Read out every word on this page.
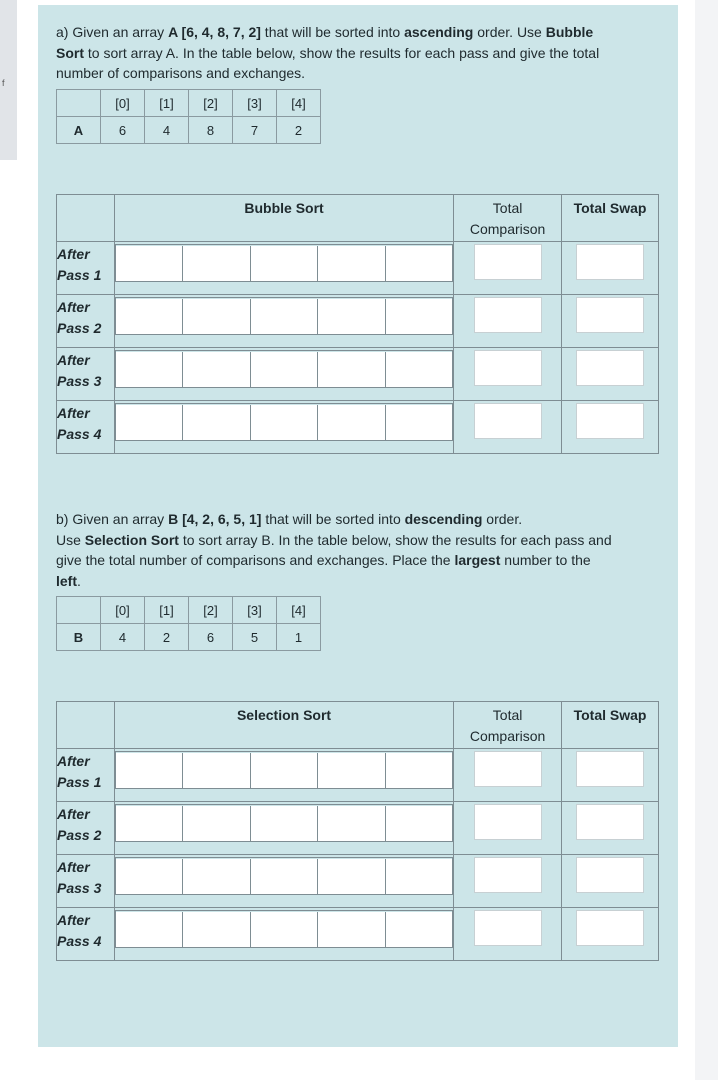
f
a) Given an array A [6, 4, 8, 7, 2] that will be sorted into ascending order. Use Bubble
Sort to sort array A. In the table below, show the results for each pass and give the total
number of comparisons and exchanges.
	[0]	[1]	[2]	[3]	[4]
A	6	4	8	7	2
	Bubble Sort	Total Comparison	Total Swap

After
Pass 1			

After
Pass 2			

After
Pass 3			

After
Pass 4			

b) Given an array B [4, 2, 6, 5, 1] that will be sorted into descending order.
Use Selection Sort to sort array B. In the table below, show the results for each pass and
give the total number of comparisons and exchanges. Place the largest number to the
left.
	[0]	[1]	[2]	[3]	[4]
B	4	2	6	5	1
	Selection Sort	Total Comparison	Total Swap

After
Pass 1			

After
Pass 2			

After
Pass 3			

After
Pass 4			
